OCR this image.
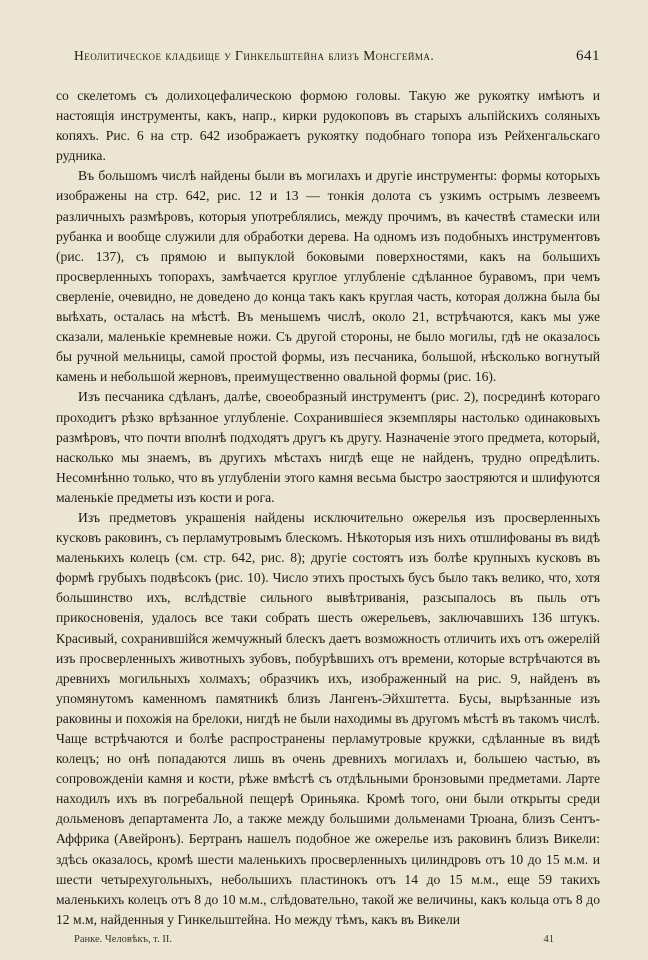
Неолитическое кладбище у Гинкельштейна близъ Монсгейма.	641

со скелетомъ съ долихоцефалическою формою головы. Такую же рукоятку имѣютъ и настоящія инструменты, какъ, напр., кирки рудокоповъ въ старыхъ альпійскихъ соляныхъ копяхъ. Рис. 6 на стр. 642 изображаетъ рукоятку подобнаго топора изъ Рейхенгальскаго рудника.

Въ большомъ числѣ найдены были въ могилахъ и другіе инструменты: формы которыхъ изображены на стр. 642, рис. 12 и 13 — тонкія долота съ узкимъ острымъ лезвеемъ различныхъ размѣровъ, которыя употреблялись, между прочимъ, въ качествѣ стамески или рубанка и вообще служили для обработки дерева. На одномъ изъ подобныхъ инструментовъ (рис. 137), съ прямою и выпуклой боковыми поверхностями, какъ на большихъ просверленныхъ топорахъ, замѣчается круглое углубленіе сдѣланное буравомъ, при чемъ сверленіе, очевидно, не доведено до конца такъ какъ круглая часть, которая должна была бы выѣхать, осталась на мѣстѣ. Въ меньшемъ числѣ, около 21, встрѣчаются, какъ мы уже сказали, маленькіе кремневые ножи. Съ другой стороны, не было могилы, гдѣ не оказалось бы ручной мельницы, самой простой формы, изъ песчаника, большой, нѣсколько вогнутый камень и небольшой жерновъ, преимущественно овальной формы (рис. 16).

Изъ песчаника сдѣланъ, далѣе, своеобразный инструментъ (рис. 2), посрединѣ котораго проходитъ рѣзко врѣзанное углубленіе. Сохранившіеся экземпляры настолько одинаковыхъ размѣровъ, что почти вполнѣ подходятъ другъ къ другу. Назначеніе этого предмета, который, насколько мы знаемъ, въ другихъ мѣстахъ нигдѣ еще не найденъ, трудно опредѣлить. Несомнѣнно только, что въ углубленіи этого камня весьма быстро заостряются и шлифуются маленькіе предметы изъ кости и рога.

Изъ предметовъ украшенія найдены исключительно ожерелья изъ просверленныхъ кусковъ раковинъ, съ перламутровымъ блескомъ. Нѣкоторыя изъ нихъ отшлифованы въ видѣ маленькихъ колецъ (см. стр. 642, рис. 8); другіе состоятъ изъ болѣе крупныхъ кусковъ въ формѣ грубыхъ подвѣсокъ (рис. 10). Число этихъ простыхъ бусъ было такъ велико, что, хотя большинство ихъ, вслѣдствіе сильного вывѣтриванія, разсыпалось въ пыль отъ прикосновенія, удалось все таки собрать шесть ожерельевъ, заключавшихъ 136 штукъ. Красивый, сохранившійся жемчужный блескъ даетъ возможность отличить ихъ отъ ожерелій изъ просверленныхъ животныхъ зубовъ, побурѣвшихъ отъ времени, которые встрѣчаются въ древнихъ могильныхъ холмахъ; образчикъ ихъ, изображенный на рис. 9, найденъ въ упомянутомъ каменномъ памятникѣ близъ Лангенъ-Эйхштетта. Бусы, вырѣзанные изъ раковины и похожія на брелоки, нигдѣ не были находимы въ другомъ мѣстѣ въ такомъ числѣ. Чаще встрѣчаются и болѣе распространены перламутровые кружки, сдѣланные въ видѣ колецъ; но онѣ попадаются лишь въ очень древнихъ могилахъ и, большею частью, въ сопровожденіи камня и кости, рѣже вмѣстѣ съ отдѣльными бронзовыми предметами. Ларте находилъ ихъ въ погребальной пещерѣ Ориньяка. Кромѣ того, они были открыты среди дольменовъ департамента Ло, а также между большими дольменами Трюана, близъ Сентъ-Аффрика (Авейронъ). Бертранъ нашелъ подобное же ожерелье изъ раковинъ близъ Викели: здѣсь оказалось, кромѣ шести маленькихъ просверленныхъ цилиндровъ отъ 10 до 15 м.м. и шести четырехугольныхъ, небольшихъ пластинокъ отъ 14 до 15 м.м., еще 59 такихъ маленькихъ колецъ отъ 8 до 10 м.м., слѣдовательно, такой же величины, какъ кольца отъ 8 до 12 м.м, найденныя у Гинкельштейна. Но между тѣмъ, какъ въ Викели

Ранке. Человѣкъ, т. II.	41
